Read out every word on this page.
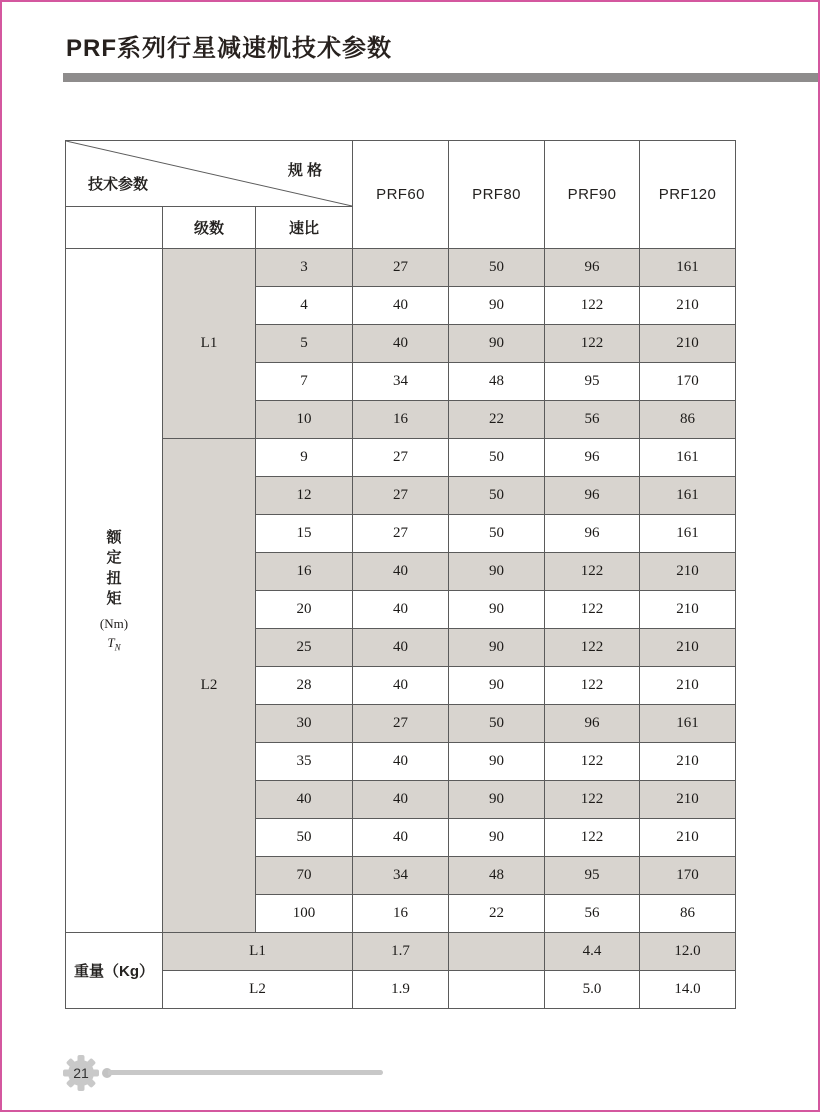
PRF系列行星减速机技术参数
规 格
技术参数			PRF60	PRF80	PRF90	PRF120
	级数	速比				

额定扭矩
(Nm)
$T_N$	L1	3	27	50	96	161
		4	40	90	122	210
		5	40	90	122	210
		7	34	48	95	170
		10	16	22	56	86
	L2	9	27	50	96	161
		12	27	50	96	161
		15	27	50	96	161
		16	40	90	122	210
		20	40	90	122	210
		25	40	90	122	210
		28	40	90	122	210
		30	27	50	96	161
		35	40	90	122	210
		40	40	90	122	210
		50	40	90	122	210
		70	34	48	95	170
		100	16	22	56	86
重量（Kg）	L1		1.7		4.4	12.0
	L2		1.9		5.0	14.0
21
